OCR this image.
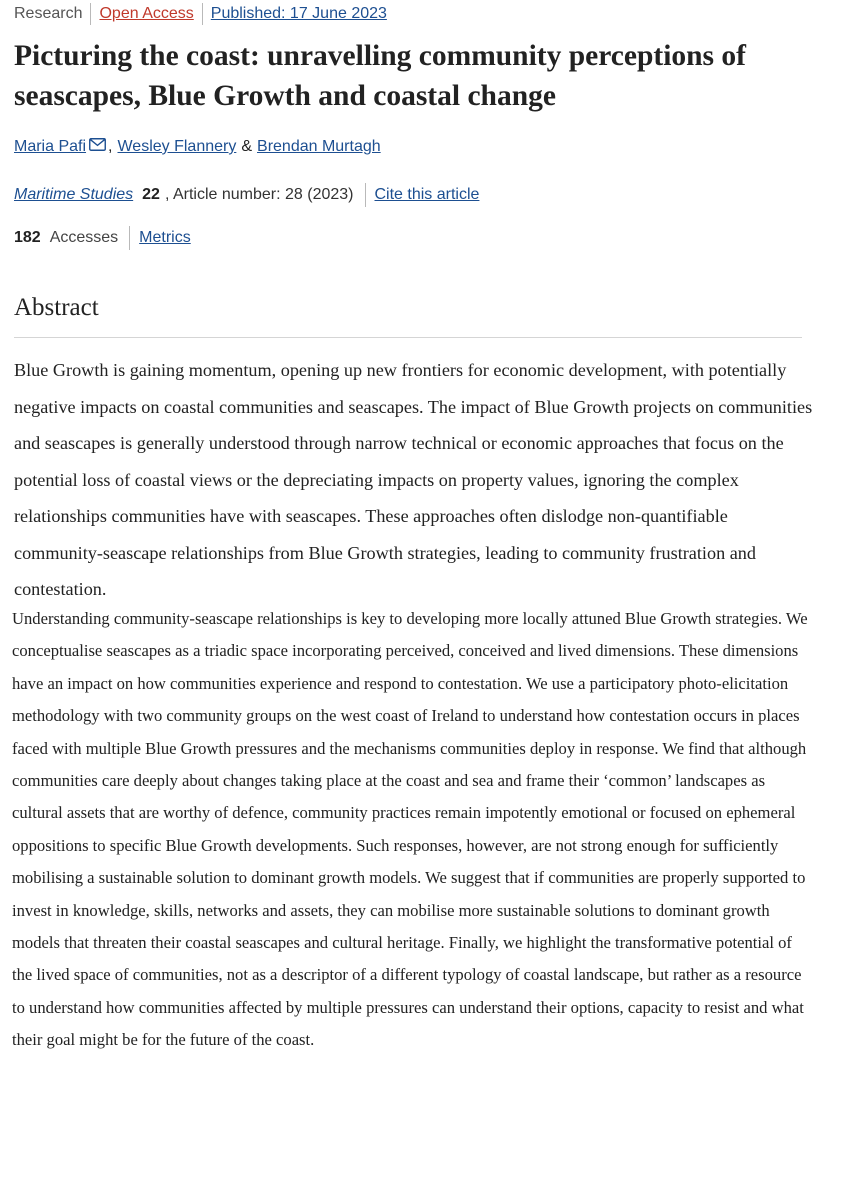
Research Open Access Published: 17 June 2023
Picturing the coast: unravelling community perceptions of seascapes, Blue Growth and coastal change
Maria Pafi , Wesley Flannery & Brendan Murtagh
Maritime Studies 22 , Article number: 28 (2023) Cite this article
182 Accesses Metrics
Abstract

Blue Growth is gaining momentum, opening up new frontiers for economic development, with potentially negative impacts on coastal communities and seascapes. The impact of Blue Growth projects on communities and seascapes is generally understood through narrow technical or economic approaches that focus on the potential loss of coastal views or the depreciating impacts on property values, ignoring the complex relationships communities have with seascapes. These approaches often dislodge non-quantifiable community-seascape relationships from Blue Growth strategies, leading to community frustration and contestation.

Understanding community-seascape relationships is key to developing more locally attuned Blue Growth strategies. We conceptualise seascapes as a triadic space incorporating perceived, conceived and lived dimensions. These dimensions have an impact on how communities experience and respond to contestation. We use a participatory photo-elicitation methodology with two community groups on the west coast of Ireland to understand how contestation occurs in places faced with multiple Blue Growth pressures and the mechanisms communities deploy in response. We find that although communities care deeply about changes taking place at the coast and sea and frame their ‘common’ landscapes as cultural assets that are worthy of defence, community practices remain impotently emotional or focused on ephemeral oppositions to specific Blue Growth developments. Such responses, however, are not strong enough for sufficiently mobilising a sustainable solution to dominant growth models. We suggest that if communities are properly supported to invest in knowledge, skills, networks and assets, they can mobilise more sustainable solutions to dominant growth models that threaten their coastal seascapes and cultural heritage. Finally, we highlight the transformative potential of the lived space of communities, not as a descriptor of a different typology of coastal landscape, but rather as a resource to understand how communities affected by multiple pressures can understand their options, capacity to resist and what their goal might be for the future of the coast.
